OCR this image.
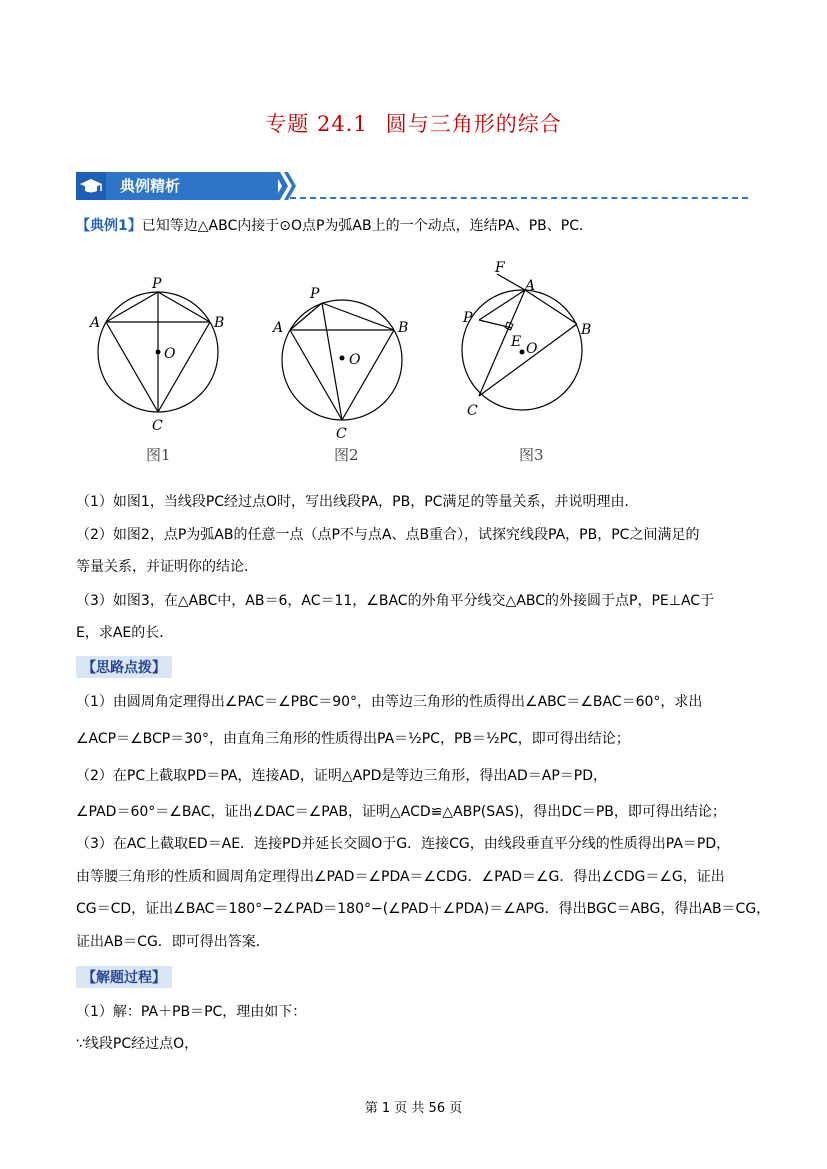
专题 24.1 圆与三角形的综合
典例精析
【典例1】已知等边△ABC内接于⊙O点P为弧AB上的一个动点，连结PA、PB、PC．
P
A	B
C
O
图1
P
A	B
C
O
图2
F
A
P
B
E O
C
图3
（1）如图1，当线段PC经过点O时，写出线段PA，PB，PC满足的等量关系，并说明理由．
（2）如图2，点P为弧AB的任意一点（点P不与点A、点B重合），试探究线段PA，PB，PC之间满足的
等量关系，并证明你的结论．
（3）如图3，在△ABC中，AB＝6，AC＝11，∠BAC的外角平分线交△ABC的外接圆于点P，PE⊥AC于
E，求AE的长．
【思路点拨】
（1）由圆周角定理得出∠PAC＝∠PBC＝90°，由等边三角形的性质得出∠ABC＝∠BAC＝60°，求出
∠ACP＝∠BCP＝30°，由直角三角形的性质得出PA＝½PC，PB＝½PC，即可得出结论；
（2）在PC上截取PD＝PA，连接AD，证明△APD是等边三角形，得出AD＝AP＝PD，
∠PAD＝60°＝∠BAC，证出∠DAC＝∠PAB，证明△ACD≌△ABP(SAS)，得出DC＝PB，即可得出结论；
（3）在AC上截取ED＝AE．连接PD并延长交圆O于G．连接CG，由线段垂直平分线的性质得出PA＝PD，
由等腰三角形的性质和圆周角定理得出∠PAD＝∠PDA＝∠CDG．∠PAD＝∠G．得出∠CDG＝∠G，证出
CG＝CD，证出∠BAC＝180°−2∠PAD＝180°−(∠PAD＋∠PDA)＝∠APG．得出BGC＝ABG，得出AB＝CG，
证出AB＝CG．即可得出答案．
【解题过程】
（1）解：PA＋PB＝PC，理由如下：
∵线段PC经过点O，
第 1 页 共 56 页
